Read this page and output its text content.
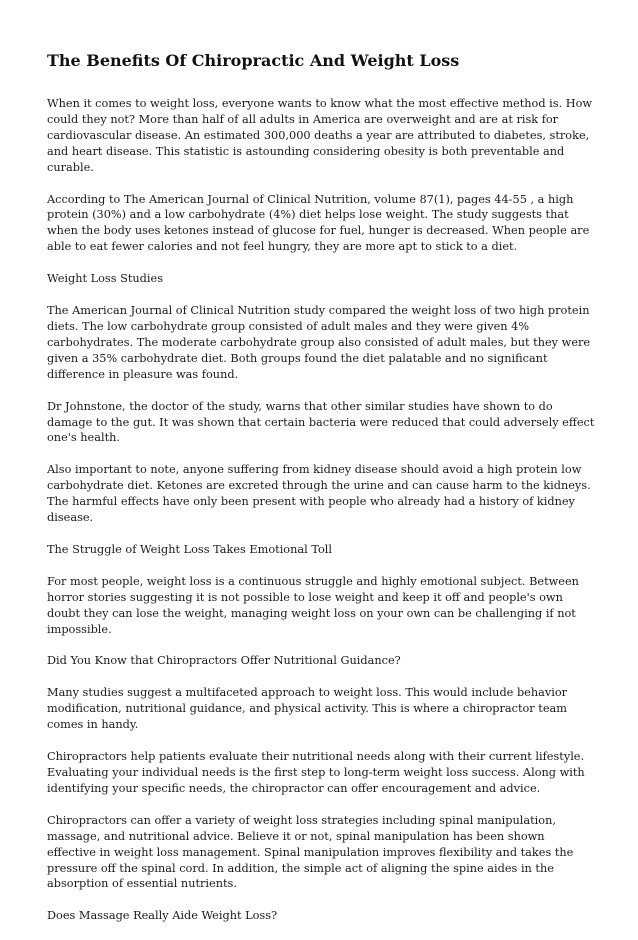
The Benefits Of Chiropractic And Weight Loss

When it comes to weight loss, everyone wants to know what the most effective method is. How could they not? More than half of all adults in America are overweight and are at risk for cardiovascular disease. An estimated 300,000 deaths a year are attributed to diabetes, stroke, and heart disease. This statistic is astounding considering obesity is both preventable and curable.

According to The American Journal of Clinical Nutrition, volume 87(1), pages 44-55 , a high protein (30%) and a low carbohydrate (4%) diet helps lose weight. The study suggests that when the body uses ketones instead of glucose for fuel, hunger is decreased. When people are able to eat fewer calories and not feel hungry, they are more apt to stick to a diet.

Weight Loss Studies

The American Journal of Clinical Nutrition study compared the weight loss of two high protein diets. The low carbohydrate group consisted of adult males and they were given 4% carbohydrates. The moderate carbohydrate group also consisted of adult males, but they were given a 35% carbohydrate diet. Both groups found the diet palatable and no significant difference in pleasure was found.

Dr Johnstone, the doctor of the study, warns that other similar studies have shown to do damage to the gut. It was shown that certain bacteria were reduced that could adversely effect one's health.

Also important to note, anyone suffering from kidney disease should avoid a high protein low carbohydrate diet. Ketones are excreted through the urine and can cause harm to the kidneys. The harmful effects have only been present with people who already had a history of kidney disease.

The Struggle of Weight Loss Takes Emotional Toll

For most people, weight loss is a continuous struggle and highly emotional subject. Between horror stories suggesting it is not possible to lose weight and keep it off and people's own doubt they can lose the weight, managing weight loss on your own can be challenging if not impossible.

Did You Know that Chiropractors Offer Nutritional Guidance?

Many studies suggest a multifaceted approach to weight loss. This would include behavior modification, nutritional guidance, and physical activity. This is where a chiropractor team comes in handy.

Chiropractors help patients evaluate their nutritional needs along with their current lifestyle. Evaluating your individual needs is the first step to long-term weight loss success. Along with identifying your specific needs, the chiropractor can offer encouragement and advice.

Chiropractors can offer a variety of weight loss strategies including spinal manipulation, massage, and nutritional advice. Believe it or not, spinal manipulation has been shown effective in weight loss management. Spinal manipulation improves flexibility and takes the pressure off the spinal cord. In addition, the simple act of aligning the spine aides in the absorption of essential nutrients.

Does Massage Really Aide Weight Loss?
